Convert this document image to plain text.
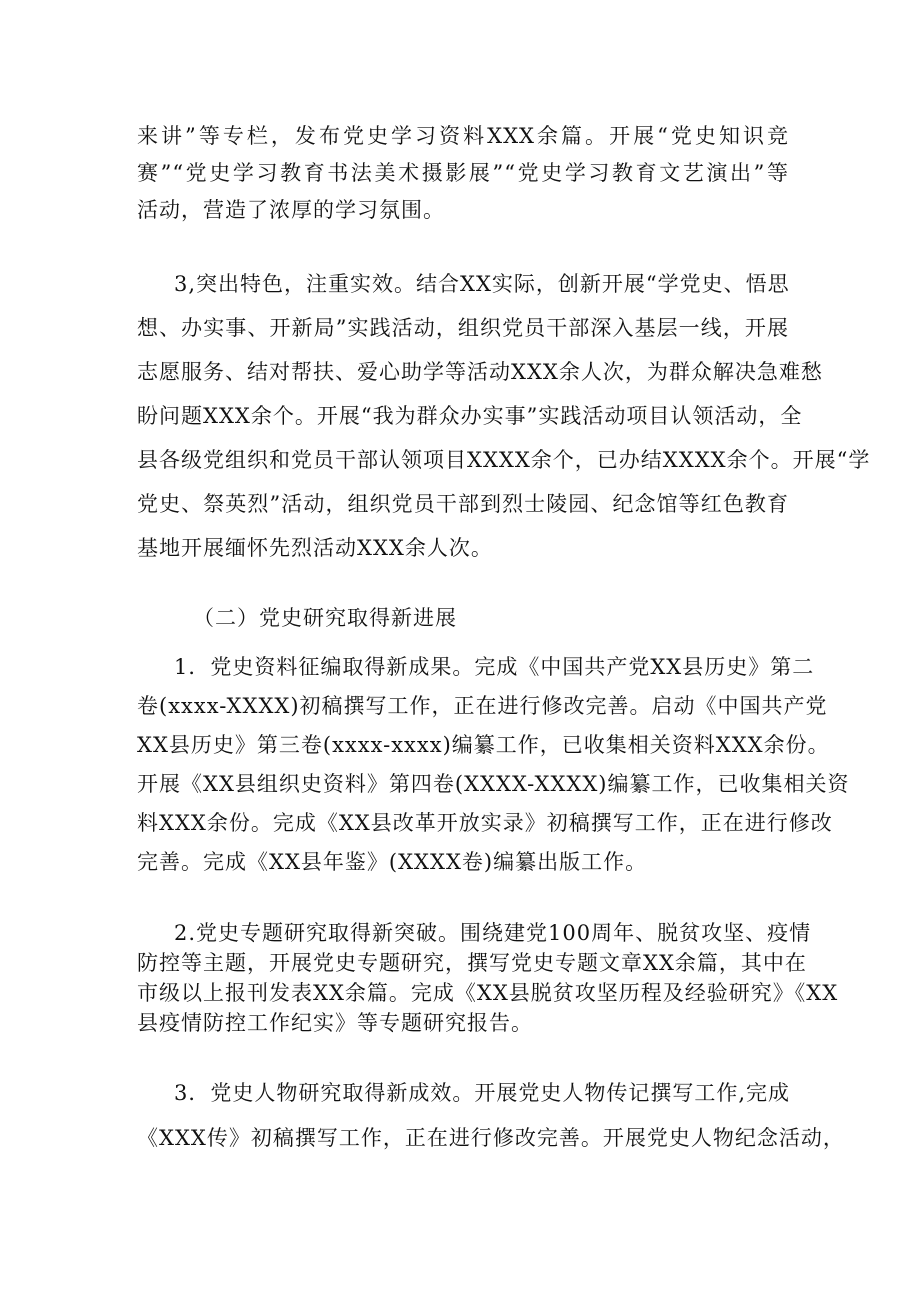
来讲”等专栏，发布党史学习资料XXX余篇。开展“党史知识竞
赛”“党史学习教育书法美术摄影展”“党史学习教育文艺演出”等
活动，营造了浓厚的学习氛围。

3,突出特色，注重实效。结合XX实际，创新开展“学党史、悟思
想、办实事、开新局”实践活动，组织党员干部深入基层一线，开展
志愿服务、结对帮扶、爱心助学等活动XXX余人次，为群众解决急难愁
盼问题XXX余个。开展“我为群众办实事”实践活动项目认领活动，全
县各级党组织和党员干部认领项目XXXX余个，已办结XXXX余个。开展“学
党史、祭英烈”活动，组织党员干部到烈士陵园、纪念馆等红色教育
基地开展缅怀先烈活动XXX余人次。

（二）党史研究取得新进展

1．党史资料征编取得新成果。完成《中国共产党XX县历史》第二
卷(xxxx-XXXX)初稿撰写工作，正在进行修改完善。启动《中国共产党
XX县历史》第三卷(xxxx-xxxx)编纂工作，已收集相关资料XXX余份。
开展《XX县组织史资料》第四卷(XXXX-XXXX)编纂工作，已收集相关资
料XXX余份。完成《XX县改革开放实录》初稿撰写工作，正在进行修改
完善。完成《XX县年鉴》(XXXX卷)编纂出版工作。

2.党史专题研究取得新突破。围绕建党100周年、脱贫攻坚、疫情
防控等主题，开展党史专题研究，撰写党史专题文章XX余篇，其中在
市级以上报刊发表XX余篇。完成《XX县脱贫攻坚历程及经验研究》《XX
县疫情防控工作纪实》等专题研究报告。

3．党史人物研究取得新成效。开展党史人物传记撰写工作,完成
《XXX传》初稿撰写工作，正在进行修改完善。开展党史人物纪念活动，
